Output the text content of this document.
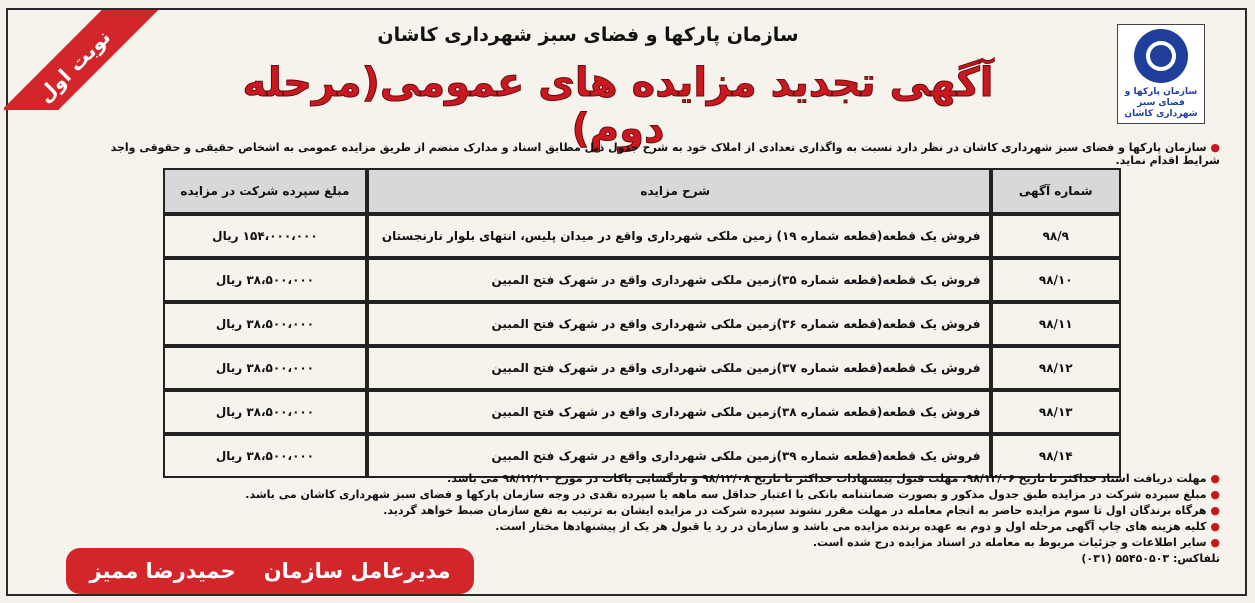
نوبت اول	سازمان پارکها و فضای سبز شهرداری کاشان
آگهی تجدید مزایده های عمومی(مرحله دوم)
سازمان پارکها و فضای سبز شهرداری کاشان
● سازمان پارکها و فضای سبز شهرداری کاشان در نظر دارد نسبت به واگذاری تعدادی از املاک خود به شرح جدول ذیل مطابق اسناد و مدارک منضم از طریق مزایده عمومی به اشخاص حقیقی و حقوقی واجد شرایط اقدام نماید.
شماره آگهی	شرح مزایده	مبلغ سپرده شرکت در مزایده
۹۸/۹	فروش یک قطعه(قطعه شماره ۱۹) زمین ملکی شهرداری واقع در میدان پلیس، انتهای بلوار نارنجستان	۱۵۴،۰۰۰،۰۰۰ ریال
۹۸/۱۰	فروش یک قطعه(قطعه شماره ۳۵)زمین ملکی شهرداری واقع در شهرک فتح المبین	۳۸،۵۰۰،۰۰۰ ریال
۹۸/۱۱	فروش یک قطعه(قطعه شماره ۳۶)زمین ملکی شهرداری واقع در شهرک فتح المبین	۳۸،۵۰۰،۰۰۰ ریال
۹۸/۱۲	فروش یک قطعه(قطعه شماره ۳۷)زمین ملکی شهرداری واقع در شهرک فتح المبین	۳۸،۵۰۰،۰۰۰ ریال
۹۸/۱۳	فروش یک قطعه(قطعه شماره ۳۸)زمین ملکی شهرداری واقع در شهرک فتح المبین	۳۸،۵۰۰،۰۰۰ ریال
۹۸/۱۴	فروش یک قطعه(قطعه شماره ۳۹)زمین ملکی شهرداری واقع در شهرک فتح المبین	۳۸،۵۰۰،۰۰۰ ریال
● مهلت دریافت اسناد حداکثر تا تاریخ ۹۸/۱۲/۰۶، مهلت قبول پیشنهادات حداکثر تا تاریخ ۹۸/۱۲/۰۸ و بازگشایی پاکات در مورخ ۹۸/۱۲/۱۰ می باشد.
● مبلغ سپرده شرکت در مزایده طبق جدول مذکور و بصورت ضمانتنامه بانکی با اعتبار حداقل سه ماهه یا سپرده نقدی در وجه سازمان پارکها و فضای سبز شهرداری کاشان می باشد.
● هرگاه برندگان اول تا سوم مزایده حاضر به انجام معامله در مهلت مقرر نشوند سپرده شرکت در مزایده ایشان به ترتیب به نفع سازمان ضبط خواهد گردید.
● کلیه هزینه های چاپ آگهی مرحله اول و دوم به عهده برنده مزایده می باشد و سازمان در رد یا قبول هر یک از پیشنهادها مختار است.
● سایر اطلاعات و جزئیات مربوط به معامله در اسناد مزایده درج شده است.
تلفاکس: ۵۵۴۵۰۵۰۳ (۰۳۱)
مدیرعامل سازمان
حمیدرضا ممیز
